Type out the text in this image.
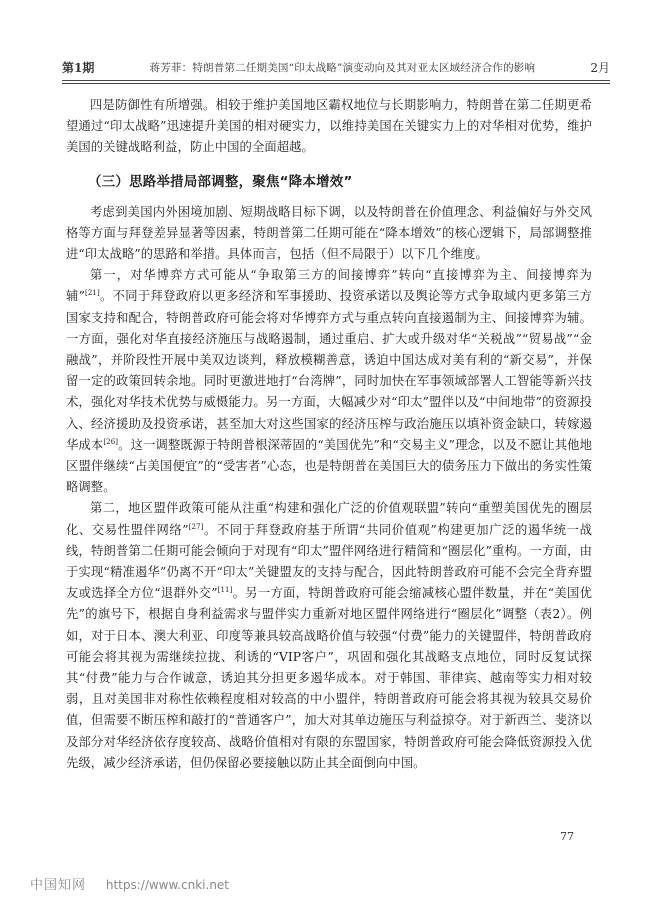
第1期	蒋芳菲：特朗普第二任期美国“印太战略”演变动向及其对亚太区域经济合作的影响	2月

四是防御性有所增强。相较于维护美国地区霸权地位与长期影响力，特朗普在第二任期更希望通过“印太战略”迅速提升美国的相对硬实力，以维持美国在关键实力上的对华相对优势，维护美国的关键战略利益，防止中国的全面超越。

（三）思路举措局部调整，聚焦“降本增效”

考虑到美国内外困境加剧、短期战略目标下调，以及特朗普在价值理念、利益偏好与外交风格等方面与拜登差异显著等因素，特朗普第二任期可能在“降本增效”的核心逻辑下，局部调整推进“印太战略”的思路和举措。具体而言，包括（但不局限于）以下几个维度。

第一，对华博弈方式可能从“争取第三方的间接博弈”转向“直接博弈为主、间接博弈为辅”[21]。不同于拜登政府以更多经济和军事援助、投资承诺以及舆论等方式争取域内更多第三方国家支持和配合，特朗普政府可能会将对华博弈方式与重点转向直接遏制为主、间接博弈为辅。一方面，强化对华直接经济施压与战略遏制，通过重启、扩大或升级对华“关税战”“贸易战”“金融战”，并阶段性开展中美双边谈判，释放模糊善意，诱迫中国达成对美有利的“新交易”，并保留一定的政策回转余地。同时更激进地打“台湾牌”，同时加快在军事领域部署人工智能等新兴技术，强化对华技术优势与威慑能力。另一方面，大幅减少对“印太”盟伴以及“中间地带”的资源投入、经济援助及投资承诺，甚至加大对这些国家的经济压榨与政治施压以填补资金缺口，转嫁遏华成本[26]。这一调整既源于特朗普根深蒂固的“美国优先”和“交易主义”理念，以及不愿让其他地区盟伴继续“占美国便宜”的“受害者”心态，也是特朗普在美国巨大的债务压力下做出的务实性策略调整。

第二，地区盟伴政策可能从注重“构建和强化广泛的价值观联盟”转向“重塑美国优先的圈层化、交易性盟伴网络”[27]。不同于拜登政府基于所谓“共同价值观”构建更加广泛的遏华统一战线，特朗普第二任期可能会倾向于对现有“印太”盟伴网络进行精简和“圈层化”重构。一方面，由于实现“精准遏华”仍离不开“印太”关键盟友的支持与配合，因此特朗普政府可能不会完全背弃盟友或选择全方位“退群外交”[11]。另一方面，特朗普政府可能会缩减核心盟伴数量，并在“美国优先”的旗号下，根据自身利益需求与盟伴实力重新对地区盟伴网络进行“圈层化”调整（表2）。例如，对于日本、澳大利亚、印度等兼具较高战略价值与较强“付费”能力的关键盟伴，特朗普政府可能会将其视为需继续拉拢、利诱的“VIP客户”，巩固和强化其战略支点地位，同时反复试探其“付费”能力与合作诚意，诱迫其分担更多遏华成本。对于韩国、菲律宾、越南等实力相对较弱，且对美国非对称性依赖程度相对较高的中小盟伴，特朗普政府可能会将其视为较具交易价值，但需要不断压榨和敲打的“普通客户”，加大对其单边施压与利益掠夺。对于新西兰、斐济以及部分对华经济依存度较高、战略价值相对有限的东盟国家，特朗普政府可能会降低资源投入优先级，减少经济承诺，但仍保留必要接触以防止其全面倒向中国。

77
中国知网 https://www.cnki.net
